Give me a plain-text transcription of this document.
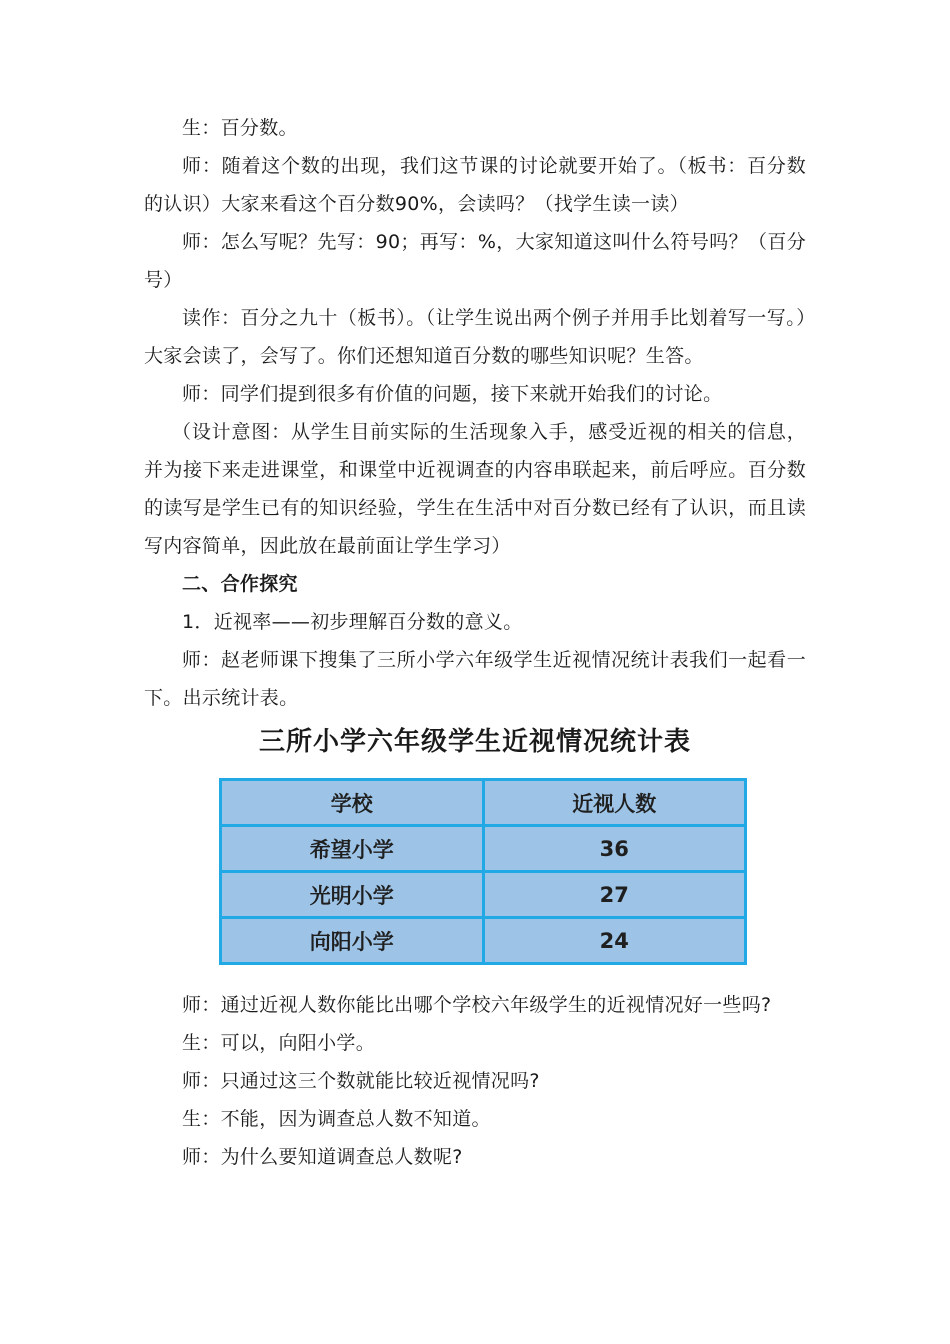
生：百分数。

师：随着这个数的出现，我们这节课的讨论就要开始了。（板书：百分数的认识）大家来看这个百分数90%，会读吗？（找学生读一读）

师：怎么写呢？先写：90；再写：%，大家知道这叫什么符号吗？（百分号）

读作：百分之九十（板书）。（让学生说出两个例子并用手比划着写一写。）大家会读了，会写了。你们还想知道百分数的哪些知识呢？生答。

师：同学们提到很多有价值的问题，接下来就开始我们的讨论。

（设计意图：从学生目前实际的生活现象入手，感受近视的相关的信息，并为接下来走进课堂，和课堂中近视调查的内容串联起来，前后呼应。百分数的读写是学生已有的知识经验，学生在生活中对百分数已经有了认识，而且读写内容简单，因此放在最前面让学生学习）

二、合作探究

1．近视率——初步理解百分数的意义。

师：赵老师课下搜集了三所小学六年级学生近视情况统计表我们一起看一下。出示统计表。

三所小学六年级学生近视情况统计表
学校	近视人数
希望小学	36
光明小学	27
向阳小学	24

师：通过近视人数你能比出哪个学校六年级学生的近视情况好一些吗?

生：可以，向阳小学。

师：只通过这三个数就能比较近视情况吗?

生：不能，因为调查总人数不知道。

师：为什么要知道调查总人数呢?
